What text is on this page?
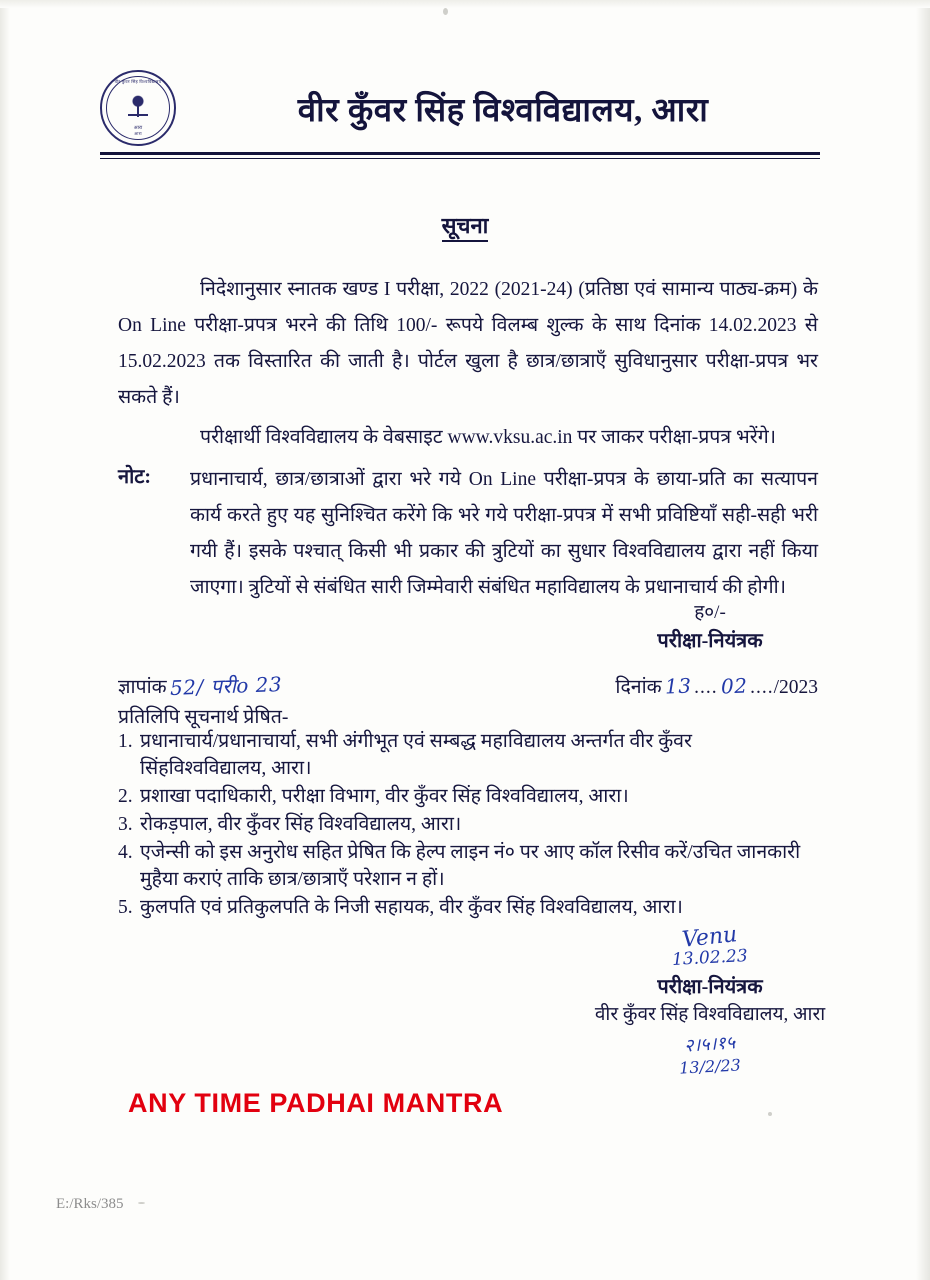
वीर कुँवर सिंह विश्वविद्यालय
आरा
आरा
वीर कुँवर सिंह विश्वविद्यालय, आरा
सूचना
निदेशानुसार स्नातक खण्ड I परीक्षा, 2022 (2021-24) (प्रतिष्ठा एवं सामान्य पाठ्य-क्रम) के On Line परीक्षा-प्रपत्र भरने की तिथि 100/- रूपये विलम्ब शुल्क के साथ दिनांक 14.02.2023 से 15.02.2023 तक विस्तारित की जाती है। पोर्टल खुला है छात्र/छात्राएँ सुविधानुसार परीक्षा-प्रपत्र भर सकते हैं।
परीक्षार्थी विश्वविद्यालय के वेबसाइट www.vksu.ac.in पर जाकर परीक्षा-प्रपत्र भरेंगे।
नोट: प्रधानाचार्य, छात्र/छात्राओं द्वारा भरे गये On Line परीक्षा-प्रपत्र के छाया-प्रति का सत्यापन कार्य करते हुए यह सुनिश्चित करेंगे कि भरे गये परीक्षा-प्रपत्र में सभी प्रविष्टियाँ सही-सही भरी गयी हैं। इसके पश्चात् किसी भी प्रकार की त्रुटियों का सुधार विश्वविद्यालय द्वारा नहीं किया जाएगा। त्रुटियों से संबंधित सारी जिम्मेवारी संबंधित महाविद्यालय के प्रधानाचार्य की होगी।
ह०/-
परीक्षा-नियंत्रक
ज्ञापांक 52/ परीo 23	दिनांक 13 .... 02 .... /2023
प्रतिलिपि सूचनार्थ प्रेषित-
1. प्रधानाचार्य/प्रधानाचार्या, सभी अंगीभूत एवं सम्बद्ध महाविद्यालय अन्तर्गत वीर कुँवर सिंहविश्वविद्यालय, आरा।
2. प्रशाखा पदाधिकारी, परीक्षा विभाग, वीर कुँवर सिंह विश्वविद्यालय, आरा।
3. रोकड़पाल, वीर कुँवर सिंह विश्वविद्यालय, आरा।
4. एजेन्सी को इस अनुरोध सहित प्रेषित कि हेल्प लाइन नं० पर आए कॉल रिसीव करें/उचित जानकारी मुहैया कराएं ताकि छात्र/छात्राएँ परेशान न हों।
5. कुलपति एवं प्रतिकुलपति के निजी सहायक, वीर कुँवर सिंह विश्वविद्यालय, आरा।
Venu
13.02.23
परीक्षा-नियंत्रक
वीर कुँवर सिंह विश्वविद्यालय, आरा
२।५।१५
13/2/23
ANY TIME PADHAI MANTRA
E:/Rks/385
